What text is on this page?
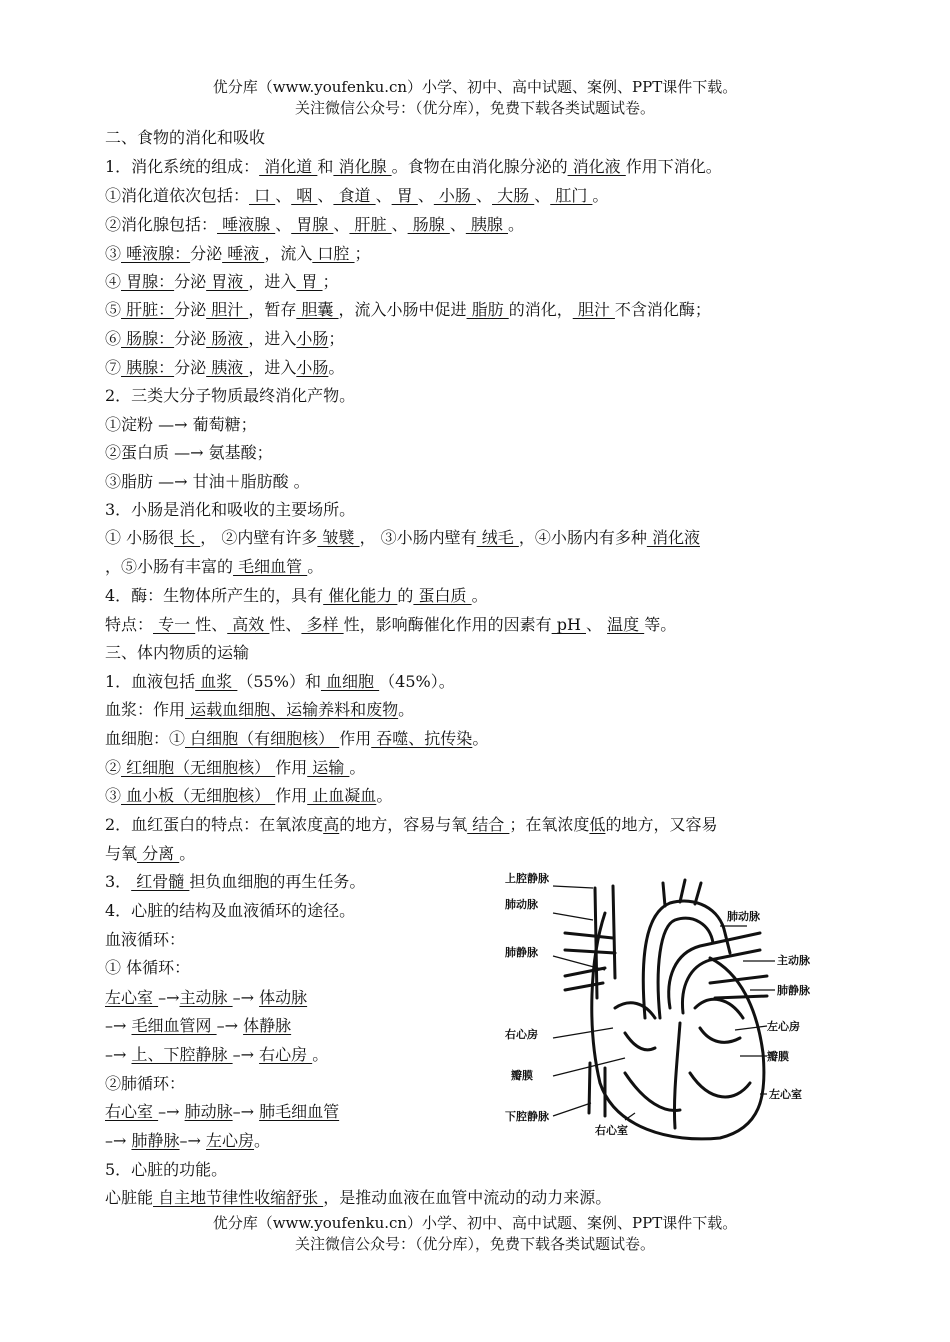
优分库（www.youfenku.cn）小学、初中、高中试题、案例、PPT课件下载。
关注微信公众号：（优分库），免费下载各类试题试卷。
二、食物的消化和吸收
1．消化系统的组成： 消化道 和 消化腺 。食物在由消化腺分泌的 消化液 作用下消化。
①消化道依次包括： 口 、 咽 、 食道 、 胃 、 小肠 、 大肠 、 肛门 。
②消化腺包括： 唾液腺 、 胃腺 、 肝脏 、 肠腺 、 胰腺 。
③ 唾液腺：分泌 唾液 ，流入 口腔 ；
④ 胃腺：分泌 胃液 ，进入 胃 ；
⑤ 肝脏：分泌 胆汁 ，暂存 胆囊 ，流入小肠中促进 脂肪 的消化， 胆汁 不含消化酶；
⑥ 肠腺：分泌 肠液 ，进入小肠；
⑦ 胰腺：分泌 胰液 ，进入小肠。
2．三类大分子物质最终消化产物。
①淀粉 —→ 葡萄糖；
②蛋白质 —→ 氨基酸；
③脂肪 —→ 甘油＋脂肪酸 。
3．小肠是消化和吸收的主要场所。
① 小肠很 长 ， ②内壁有许多 皱襞 ， ③小肠内壁有 绒毛 ，④小肠内有多种 消化液
，⑤小肠有丰富的 毛细血管 。
4．酶：生物体所产生的，具有 催化能力 的 蛋白质 。
特点： 专一 性、 高效 性、 多样 性，影响酶催化作用的因素有 pH 、 温度 等。
三、体内物质的运输
1．血液包括 血浆 （55%）和 血细胞 （45%）。
血浆：作用 运载血细胞、运输养料和废物。
血细胞：① 白细胞（有细胞核） 作用 吞噬、抗传染。
② 红细胞（无细胞核） 作用 运输 。
③ 血小板（无细胞核） 作用 止血凝血。
2．血红蛋白的特点：在氧浓度高的地方，容易与氧 结合 ；在氧浓度低的地方，又容易
与氧 分离 。
3． 红骨髓 担负血细胞的再生任务。
4．心脏的结构及血液循环的途径。
血液循环：
① 体循环：
左心室 –→主动脉 –→ 体动脉
–→ 毛细血管网 –→ 体静脉
–→ 上、下腔静脉 –→ 右心房 。
②肺循环：
右心室 –→ 肺动脉–→ 肺毛细血管
–→ 肺静脉–→ 左心房。
5．心脏的功能。
心脏能 自主地节律性收缩舒张 ，是推动血液在血管中流动的动力来源。
上腔静脉
肺动脉
肺静脉
右心房
瓣膜
下腔静脉
右心室
肺动脉
主动脉
肺静脉
左心房
瓣膜
左心室
优分库（www.youfenku.cn）小学、初中、高中试题、案例、PPT课件下载。
关注微信公众号：（优分库），免费下载各类试题试卷。
